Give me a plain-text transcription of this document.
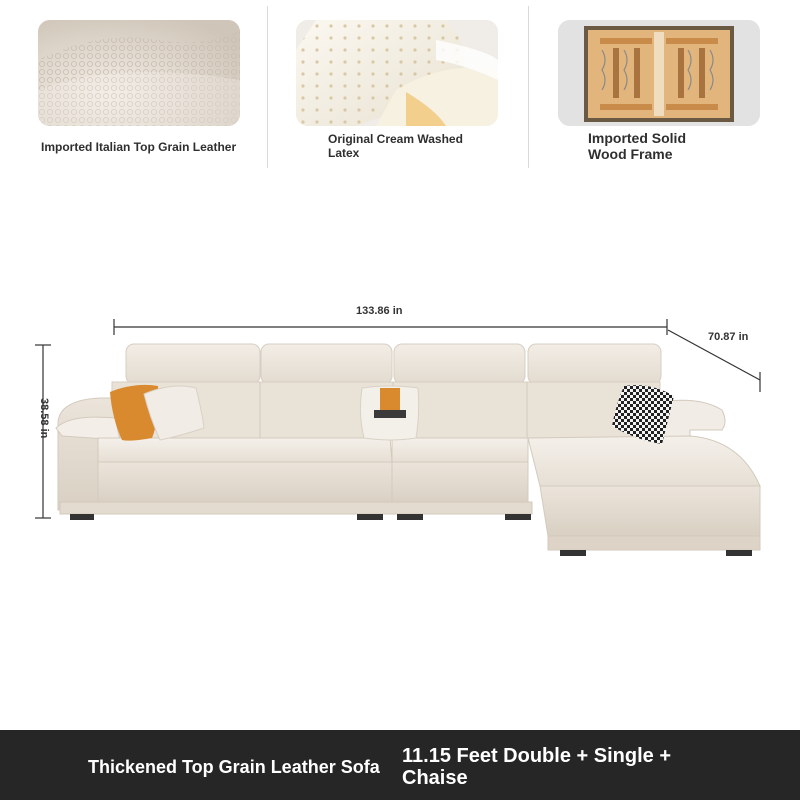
Imported Italian Top Grain Leather
Original Cream Washed
Latex
Imported Solid
Wood Frame
133.86 in
70.87 in
38.58 in
Thickened Top Grain Leather Sofa 11.15 Feet Double + Single + Chaise
